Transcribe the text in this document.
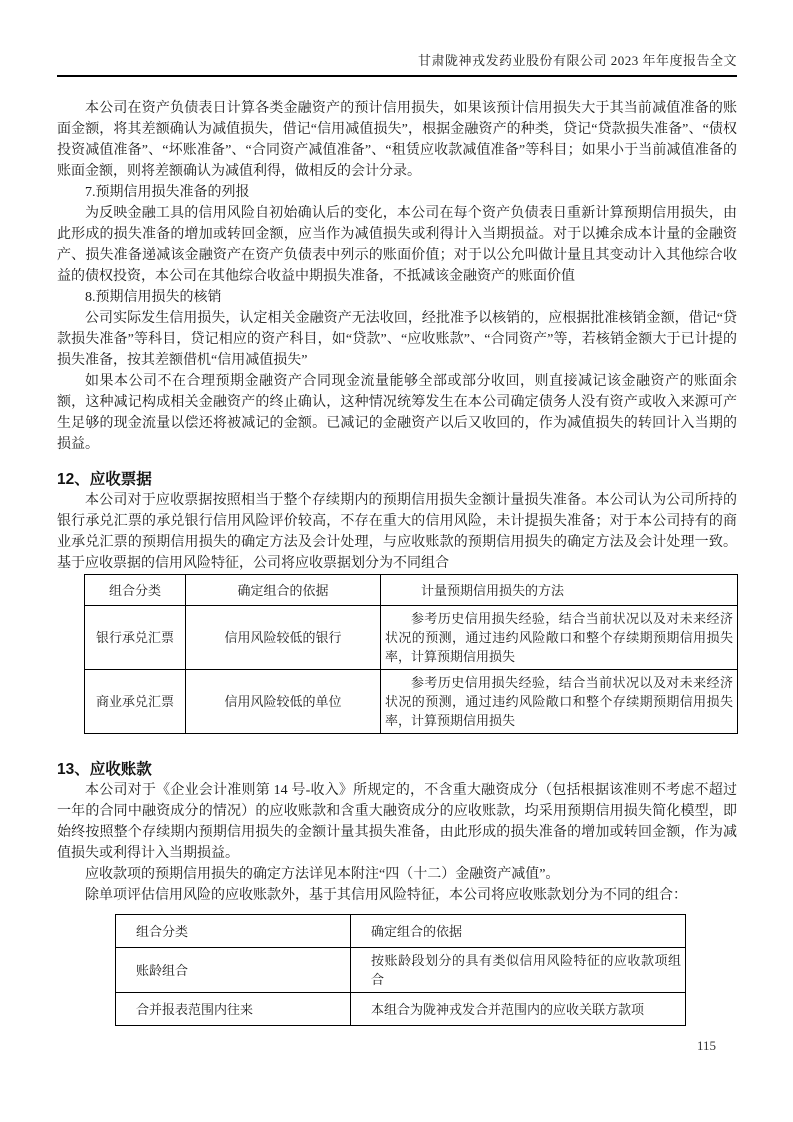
甘肃陇神戎发药业股份有限公司 2023 年年度报告全文

本公司在资产负债表日计算各类金融资产的预计信用损失，如果该预计信用损失大于其当前减值准备的账面金额，将其差额确认为减值损失，借记“信用减值损失”，根据金融资产的种类，贷记“贷款损失准备”、“债权投资减值准备”、“坏账准备”、“合同资产减值准备”、“租赁应收款减值准备”等科目；如果小于当前减值准备的账面金额，则将差额确认为减值利得，做相反的会计分录。

7.预期信用损失准备的列报

为反映金融工具的信用风险自初始确认后的变化，本公司在每个资产负债表日重新计算预期信用损失，由此形成的损失准备的增加或转回金额，应当作为减值损失或利得计入当期损益。对于以摊余成本计量的金融资产、损失准备递减该金融资产在资产负债表中列示的账面价值；对于以公允叫做计量且其变动计入其他综合收益的债权投资，本公司在其他综合收益中期损失准备，不抵减该金融资产的账面价值

8.预期信用损失的核销

公司实际发生信用损失，认定相关金融资产无法收回，经批准予以核销的，应根据批准核销金额，借记“贷款损失准备”等科目，贷记相应的资产科目，如“贷款”、“应收账款”、“合同资产”等，若核销金额大于已计提的损失准备，按其差额借机“信用减值损失”

如果本公司不在合理预期金融资产合同现金流量能够全部或部分收回，则直接减记该金融资产的账面余额，这种减记构成相关金融资产的终止确认，这种情况统筹发生在本公司确定债务人没有资产或收入来源可产生足够的现金流量以偿还将被减记的金额。已减记的金融资产以后又收回的，作为减值损失的转回计入当期的损益。

12、应收票据

本公司对于应收票据按照相当于整个存续期内的预期信用损失金额计量损失准备。本公司认为公司所持的银行承兑汇票的承兑银行信用风险评价较高，不存在重大的信用风险，未计提损失准备；对于本公司持有的商业承兑汇票的预期信用损失的确定方法及会计处理，与应收账款的预期信用损失的确定方法及会计处理一致。基于应收票据的信用风险特征，公司将应收票据划分为不同组合

组合分类	确定组合的依据	计量预期信用损失的方法
银行承兑汇票	信用风险较低的银行	参考历史信用损失经验，结合当前状况以及对未来经济状况的预测，通过违约风险敞口和整个存续期预期信用损失率，计算预期信用损失

商业承兑汇票	信用风险较低的单位	参考历史信用损失经验，结合当前状况以及对未来经济状况的预测，通过违约风险敞口和整个存续期预期信用损失率，计算预期信用损失
13、应收账款

本公司对于《企业会计准则第 14 号-收入》所规定的，不含重大融资成分（包括根据该准则不考虑不超过一年的合同中融资成分的情况）的应收账款和含重大融资成分的应收账款，均采用预期信用损失简化模型，即始终按照整个存续期内预期信用损失的金额计量其损失准备，由此形成的损失准备的增加或转回金额，作为减值损失或利得计入当期损益。

应收款项的预期信用损失的确定方法详见本附注“四（十二）金融资产减值”。
除单项评估信用风险的应收账款外，基于其信用风险特征，本公司将应收账款划分为不同的组合：
组合分类	确定组合的依据
账龄组合	按账龄段划分的具有类似信用风险特征的应收款项组合
合并报表范围内往来	本组合为陇神戎发合并范围内的应收关联方款项
115
